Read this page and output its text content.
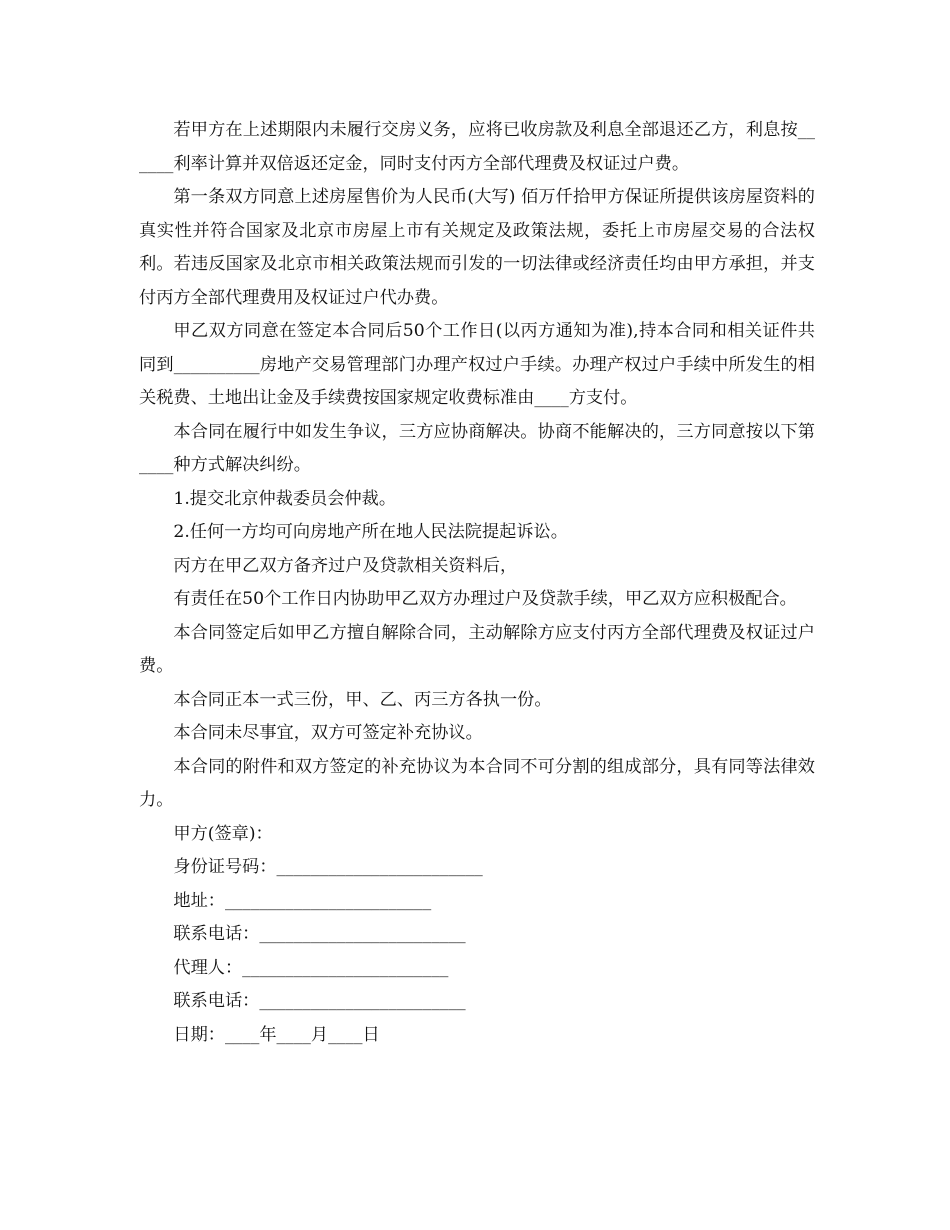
若甲方在上述期限内未履行交房义务，应将已收房款及利息全部退还乙方，利息按______利率计算并双倍返还定金，同时支付丙方全部代理费及权证过户费。

第一条双方同意上述房屋售价为人民币(大写) 佰万仟拾甲方保证所提供该房屋资料的真实性并符合国家及北京市房屋上市有关规定及政策法规，委托上市房屋交易的合法权利。若违反国家及北京市相关政策法规而引发的一切法律或经济责任均由甲方承担，并支付丙方全部代理费用及权证过户代办费。

甲乙双方同意在签定本合同后50个工作日(以丙方通知为准),持本合同和相关证件共同到__________房地产交易管理部门办理产权过户手续。办理产权过户手续中所发生的相关税费、土地出让金及手续费按国家规定收费标准由____方支付。

本合同在履行中如发生争议，三方应协商解决。协商不能解决的，三方同意按以下第____种方式解决纠纷。

1.提交北京仲裁委员会仲裁。

2.任何一方均可向房地产所在地人民法院提起诉讼。

丙方在甲乙双方备齐过户及贷款相关资料后，

有责任在50个工作日内协助甲乙双方办理过户及贷款手续，甲乙双方应积极配合。

本合同签定后如甲乙方擅自解除合同，主动解除方应支付丙方全部代理费及权证过户费。

本合同正本一式三份，甲、乙、丙三方各执一份。

本合同未尽事宜，双方可签定补充协议。

本合同的附件和双方签定的补充协议为本合同不可分割的组成部分，具有同等法律效力。

甲方(签章)：

身份证号码：________________________

地址：________________________

联系电话：________________________

代理人：________________________

联系电话：________________________

日期：____年____月____日
